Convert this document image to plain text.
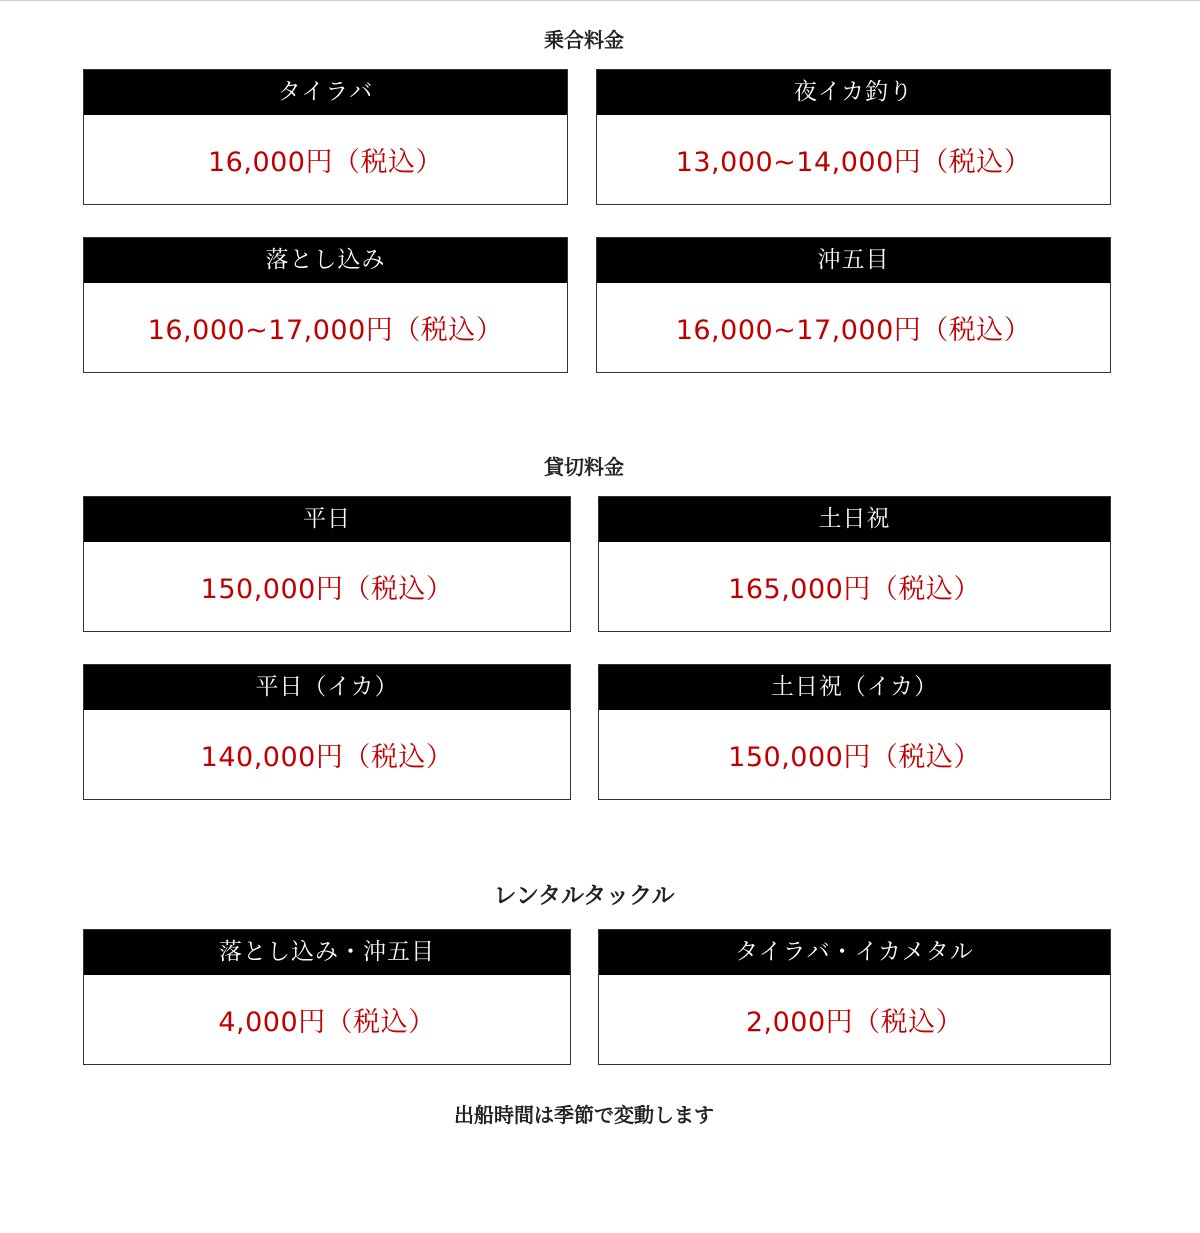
乗合料金
タイラバ
16,000円（税込）
夜イカ釣り
13,000~14,000円（税込）
落とし込み
16,000~17,000円（税込）
沖五目
16,000~17,000円（税込）
貸切料金
平日
150,000円（税込）
土日祝
165,000円（税込）
平日（イカ）
140,000円（税込）
土日祝（イカ）
150,000円（税込）
レンタルタックル
落とし込み・沖五目
4,000円（税込）
タイラバ・イカメタル
2,000円（税込）
出船時間は季節で変動します
